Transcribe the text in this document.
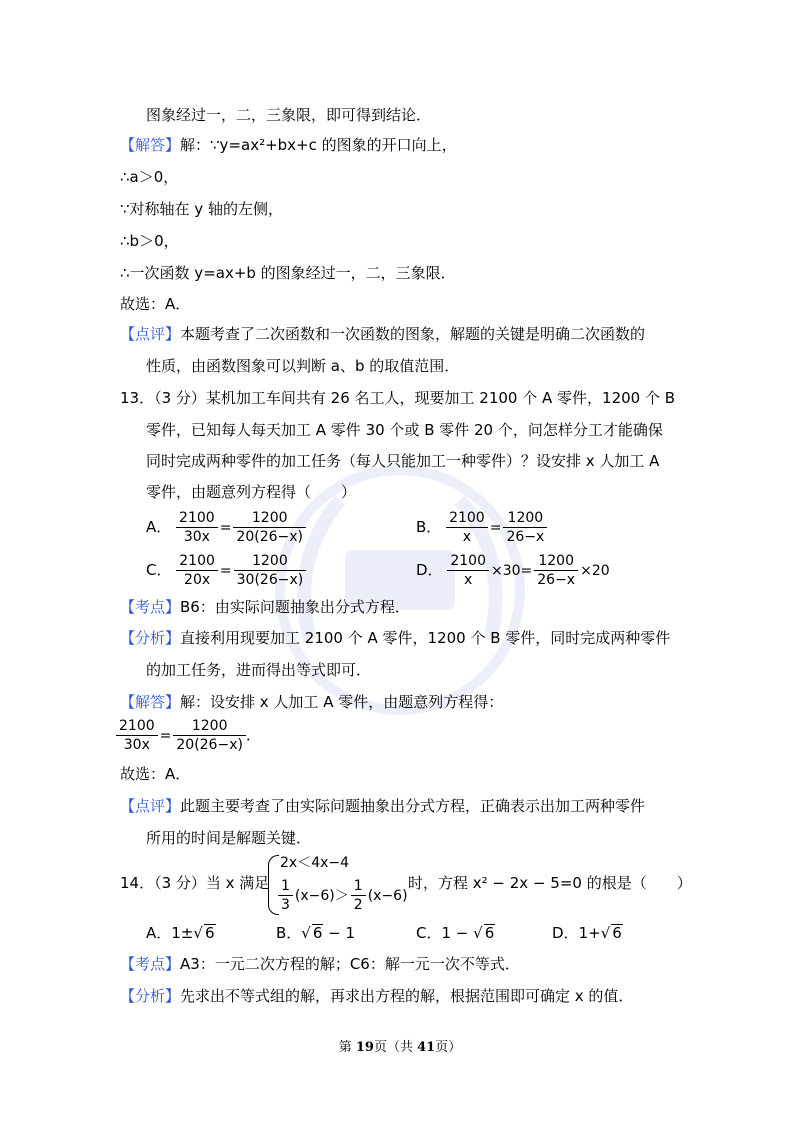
图象经过一，二，三象限，即可得到结论．
【解答】解：∵y=ax²+bx+c 的图象的开口向上，
∴a＞0，
∵对称轴在 y 轴的左侧，
∴b＞0，
∴一次函数 y=ax+b 的图象经过一，二，三象限．
故选：A．
【点评】本题考查了二次函数和一次函数的图象，解题的关键是明确二次函数的
性质，由函数图象可以判断 a、b 的取值范围．
13．（3 分）某机加工车间共有 26 名工人，现要加工 2100 个 A 零件，1200 个 B
零件，已知每人每天加工 A 零件 30 个或 B 零件 20 个，问怎样分工才能确保
同时完成两种零件的加工任务（每人只能加工一种零件）？设安排 x 人加工 A
零件，由题意列方程得（　　）
A． $\frac{2100}{30x} = \frac{1200}{20(26-x)}$	B． $\frac{2100}{x} = \frac{1200}{26-x}$
C． $\frac{2100}{20x} = \frac{1200}{30(26-x)}$	D． $\frac{2100}{x} \times 30= \frac{1200}{26-x} \times 20$
【考点】B6：由实际问题抽象出分式方程．
【分析】直接利用现要加工 2100 个 A 零件，1200 个 B 零件，同时完成两种零件
的加工任务，进而得出等式即可．
【解答】解：设安排 x 人加工 A 零件，由题意列方程得：
$\frac{2100}{30x} = \frac{1200}{20(26-x)}$ ．
故选：A．
【点评】此题主要考查了由实际问题抽象出分式方程，正确表示出加工两种零件
所用的时间是解题关键．
14．（3 分）当 x 满足
2x＜4x−4
$\frac{1}{3} (x-6)> \frac{1}{2} (x-6)$
时，方程 x² − 2x − 5=0 的根是（　　）
A．1±√ 6	B．√ 6 − 1	C．1 − √ 6	D．1+√ 6
【考点】A3：一元二次方程的解；C6：解一元一次不等式．
【分析】先求出不等式组的解，再求出方程的解，根据范围即可确定 x 的值．
第 19页（共 41页）
